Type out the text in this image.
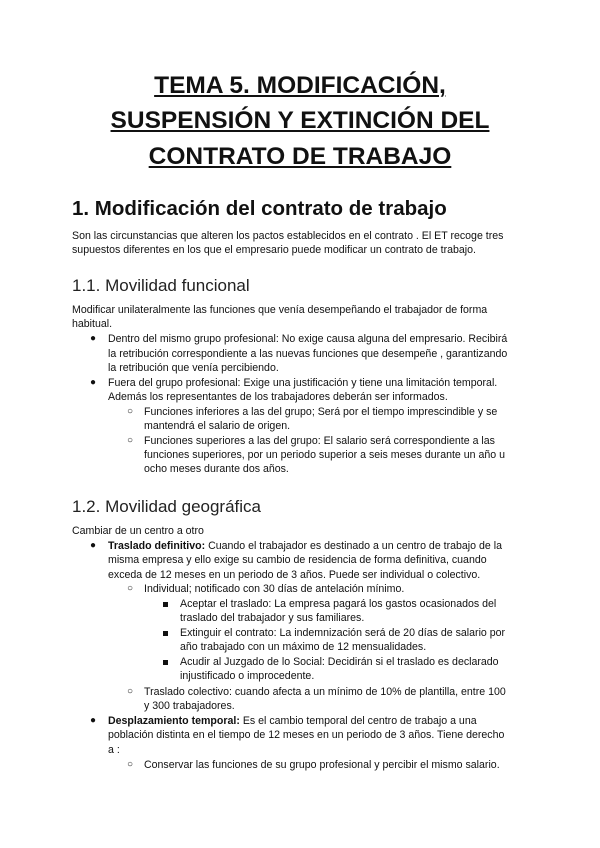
TEMA 5. MODIFICACIÓN,
SUSPENSIÓN Y EXTINCIÓN DEL
CONTRATO DE TRABAJO
1. Modificación del contrato de trabajo
Son las circunstancias que alteren los pactos establecidos en el contrato . El ET recoge tres
supuestos diferentes en los que el empresario puede modificar un contrato de trabajo.
1.1. Movilidad funcional
Modificar unilateralmente las funciones que venía desempeñando el trabajador de forma
habitual.
● Dentro del mismo grupo profesional: No exige causa alguna del empresario. Recibirá
la retribución correspondiente a las nuevas funciones que desempeñe , garantizando
la retribución que venía percibiendo.
● Fuera del grupo profesional: Exige una justificación y tiene una limitación temporal.
Además los representantes de los trabajadores deberán ser informados.
○ Funciones inferiores a las del grupo; Será por el tiempo imprescindible y se
mantendrá el salario de origen.
○ Funciones superiores a las del grupo: El salario será correspondiente a las
funciones superiores, por un periodo superior a seis meses durante un año u
ocho meses durante dos años.
1.2. Movilidad geográfica
Cambiar de un centro a otro
● Traslado definitivo: Cuando el trabajador es destinado a un centro de trabajo de la
misma empresa y ello exige su cambio de residencia de forma definitiva, cuando
exceda de 12 meses en un periodo de 3 años. Puede ser individual o colectivo.
○ Individual; notificado con 30 días de antelación mínimo.
Aceptar el traslado: La empresa pagará los gastos ocasionados del
traslado del trabajador y sus familiares.
Extinguir el contrato: La indemnización será de 20 días de salario por
año trabajado con un máximo de 12 mensualidades.
Acudir al Juzgado de lo Social: Decidirán si el traslado es declarado
injustificado o improcedente.
○ Traslado colectivo: cuando afecta a un mínimo de 10% de plantilla, entre 100
y 300 trabajadores.
● Desplazamiento temporal: Es el cambio temporal del centro de trabajo a una
población distinta en el tiempo de 12 meses en un periodo de 3 años. Tiene derecho
a :
○ Conservar las funciones de su grupo profesional y percibir el mismo salario.
